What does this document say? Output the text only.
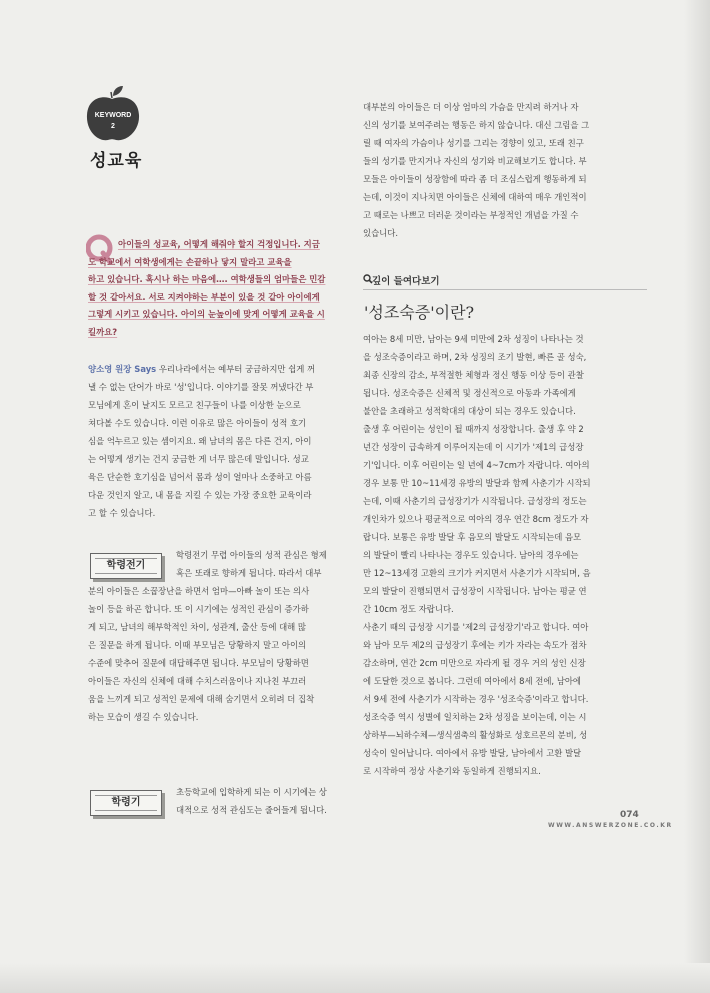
KEYWORD
2
성교육
아이들의 성교육, 어떻게 해줘야 할지 걱정입니다. 지금
도 학교에서 여학생에게는 손끝하나 닿지 말라고 교육을
하고 있습니다. 혹시나 하는 마음에…. 여학생들의 엄마들은 민감
할 것 같아서요. 서로 지켜야하는 부분이 있을 것 같아 아이에게
그렇게 시키고 있습니다. 아이의 눈높이에 맞게 어떻게 교육을 시
킬까요?

양소영 원장 Says 우리나라에서는 예부터 궁금하지만 쉽게 꺼

낼 수 없는 단어가 바로 '성'입니다. 이야기를 잘못 꺼냈다간 부

모님에게 혼이 날지도 모르고 친구들이 나를 이상한 눈으로

쳐다볼 수도 있습니다. 이런 이유로 많은 아이들이 성적 호기

심을 억누르고 있는 셈이지요. 왜 남녀의 몸은 다른 건지, 아이

는 어떻게 생기는 건지 궁금한 게 너무 많은데 말입니다. 성교

육은 단순한 호기심을 넘어서 몸과 성이 얼마나 소중하고 아름

다운 것인지 알고, 내 몸을 지킬 수 있는 가장 중요한 교육이라

고 할 수 있습니다.

학령전기

학령전기 무렵 아이들의 성적 관심은 형제

혹은 또래로 향하게 됩니다. 따라서 대부

분의 아이들은 소꿉장난을 하면서 엄마—아빠 놀이 또는 의사

놀이 등을 하곤 합니다. 또 이 시기에는 성적인 관심이 증가하

게 되고, 남녀의 해부학적인 차이, 성관계, 출산 등에 대해 많

은 질문을 하게 됩니다. 이때 부모님은 당황하지 말고 아이의

수준에 맞추어 질문에 대답해주면 됩니다. 부모님이 당황하면

아이들은 자신의 신체에 대해 수치스러움이나 지나친 부끄러

움을 느끼게 되고 성적인 문제에 대해 숨기면서 오히려 더 집착

하는 모습이 생길 수 있습니다.

학령기

초등학교에 입학하게 되는 이 시기에는 상

대적으로 성적 관심도는 줄어들게 됩니다.

대부분의 아이들은 더 이상 엄마의 가슴을 만지려 하거나 자

신의 성기를 보여주려는 행동은 하지 않습니다. 대신 그림을 그

릴 때 여자의 가슴이나 성기를 그리는 경향이 있고, 또래 친구

들의 성기를 만지거나 자신의 성기와 비교해보기도 합니다. 부

모들은 아이들이 성장함에 따라 좀 더 조심스럽게 행동하게 되

는데, 이것이 지나치면 아이들은 신체에 대하여 매우 개인적이

고 때로는 나쁘고 더러운 것이라는 부정적인 개념을 가질 수

있습니다.

깊이 들여다보기
'성조숙증'이란?

여아는 8세 미만, 남아는 9세 미만에 2차 성징이 나타나는 것

을 성조숙증이라고 하며, 2차 성징의 조기 발현, 빠른 골 성숙,

최종 신장의 감소, 부적절한 체형과 정신 행동 이상 등이 관찰

됩니다. 성조숙증은 신체적 및 정신적으로 아동과 가족에게

불안을 초래하고 성적학대의 대상이 되는 경우도 있습니다.

출생 후 어린이는 성인이 될 때까지 성장합니다. 출생 후 약 2

년간 성장이 급속하게 이루어지는데 이 시기가 '제1의 급성장

기'입니다. 이후 어린이는 일 년에 4~7cm가 자랍니다. 여아의

경우 보통 만 10~11세경 유방의 발달과 함께 사춘기가 시작되

는데, 이때 사춘기의 급성장기가 시작됩니다. 급성장의 정도는

개인차가 있으나 평균적으로 여아의 경우 연간 8cm 정도가 자

랍니다. 보통은 유방 발달 후 음모의 발달도 시작되는데 음모

의 발달이 빨리 나타나는 경우도 있습니다. 남아의 경우에는

만 12~13세경 고환의 크기가 커지면서 사춘기가 시작되며, 음

모의 발달이 진행되면서 급성장이 시작됩니다. 남아는 평균 연

간 10cm 정도 자랍니다.

사춘기 때의 급성장 시기를 '제2의 급성장기'라고 합니다. 여아

와 남아 모두 제2의 급성장기 후에는 키가 자라는 속도가 점차

감소하며, 연간 2cm 미만으로 자라게 될 경우 거의 성인 신장

에 도달한 것으로 봅니다. 그런데 여아에서 8세 전에, 남아에

서 9세 전에 사춘기가 시작하는 경우 '성조숙증'이라고 합니다.

성조숙증 역시 성별에 일치하는 2차 성징을 보이는데, 이는 시

상하부—뇌하수체—생식샘축의 활성화로 성호르몬의 분비, 성

성숙이 일어납니다. 여아에서 유방 발달, 남아에서 고환 발달

로 시작하여 정상 사춘기와 동일하게 진행되지요.

074
WWW.ANSWERZONE.CO.KR
